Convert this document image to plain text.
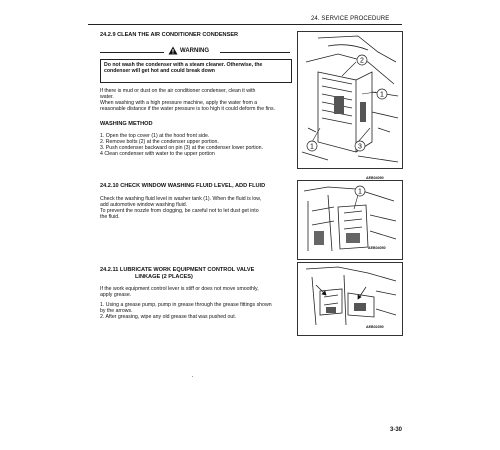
24. SERVICE PROCEDURE
24.2.9 CLEAN THE AIR CONDITIONER CONDENSER
WARNING
Do not wash the condenser with a steam cleaner. Otherwise, the
condenser will get hot and could break down
If there is mud or dust on the air conditioner condenser, clean it with
water.
When washing with a high pressure machine, apply the water from a
reasonable distance if the water pressure is too high it could deform the fins.
WASHING METHOD
1. Open the top cover (1) at the hood front side.
2. Remove bolts (2) at the condenser upper portion.
3. Push condenser backward on pin (3) at the condenser lower portion.
4 Clean condenser with water to the upper portion
2
1
1	3
AEB04090
24.2.10 CHECK WINDOW WASHING FLUID LEVEL, ADD FLUID
Check the washing fluid level in washer tank (1). When the fluid is low,
add automotive window washing fluid.
To prevent the nozzle from clogging, be careful not to let dust get into
the fluid.
1
AEB04050
24.2.11 LUBRICATE WORK EQUIPMENT CONTROL VALVE
LINKAGE (2 PLACES)
If the work equipment control lever is stiff or does not move smoothly,
apply grease.
1. Using a grease pump, pump in grease through the grease fittings shown
by the arrows.
2. After greasing, wipe any old grease that was pushed out.
AEB02390
3-30
